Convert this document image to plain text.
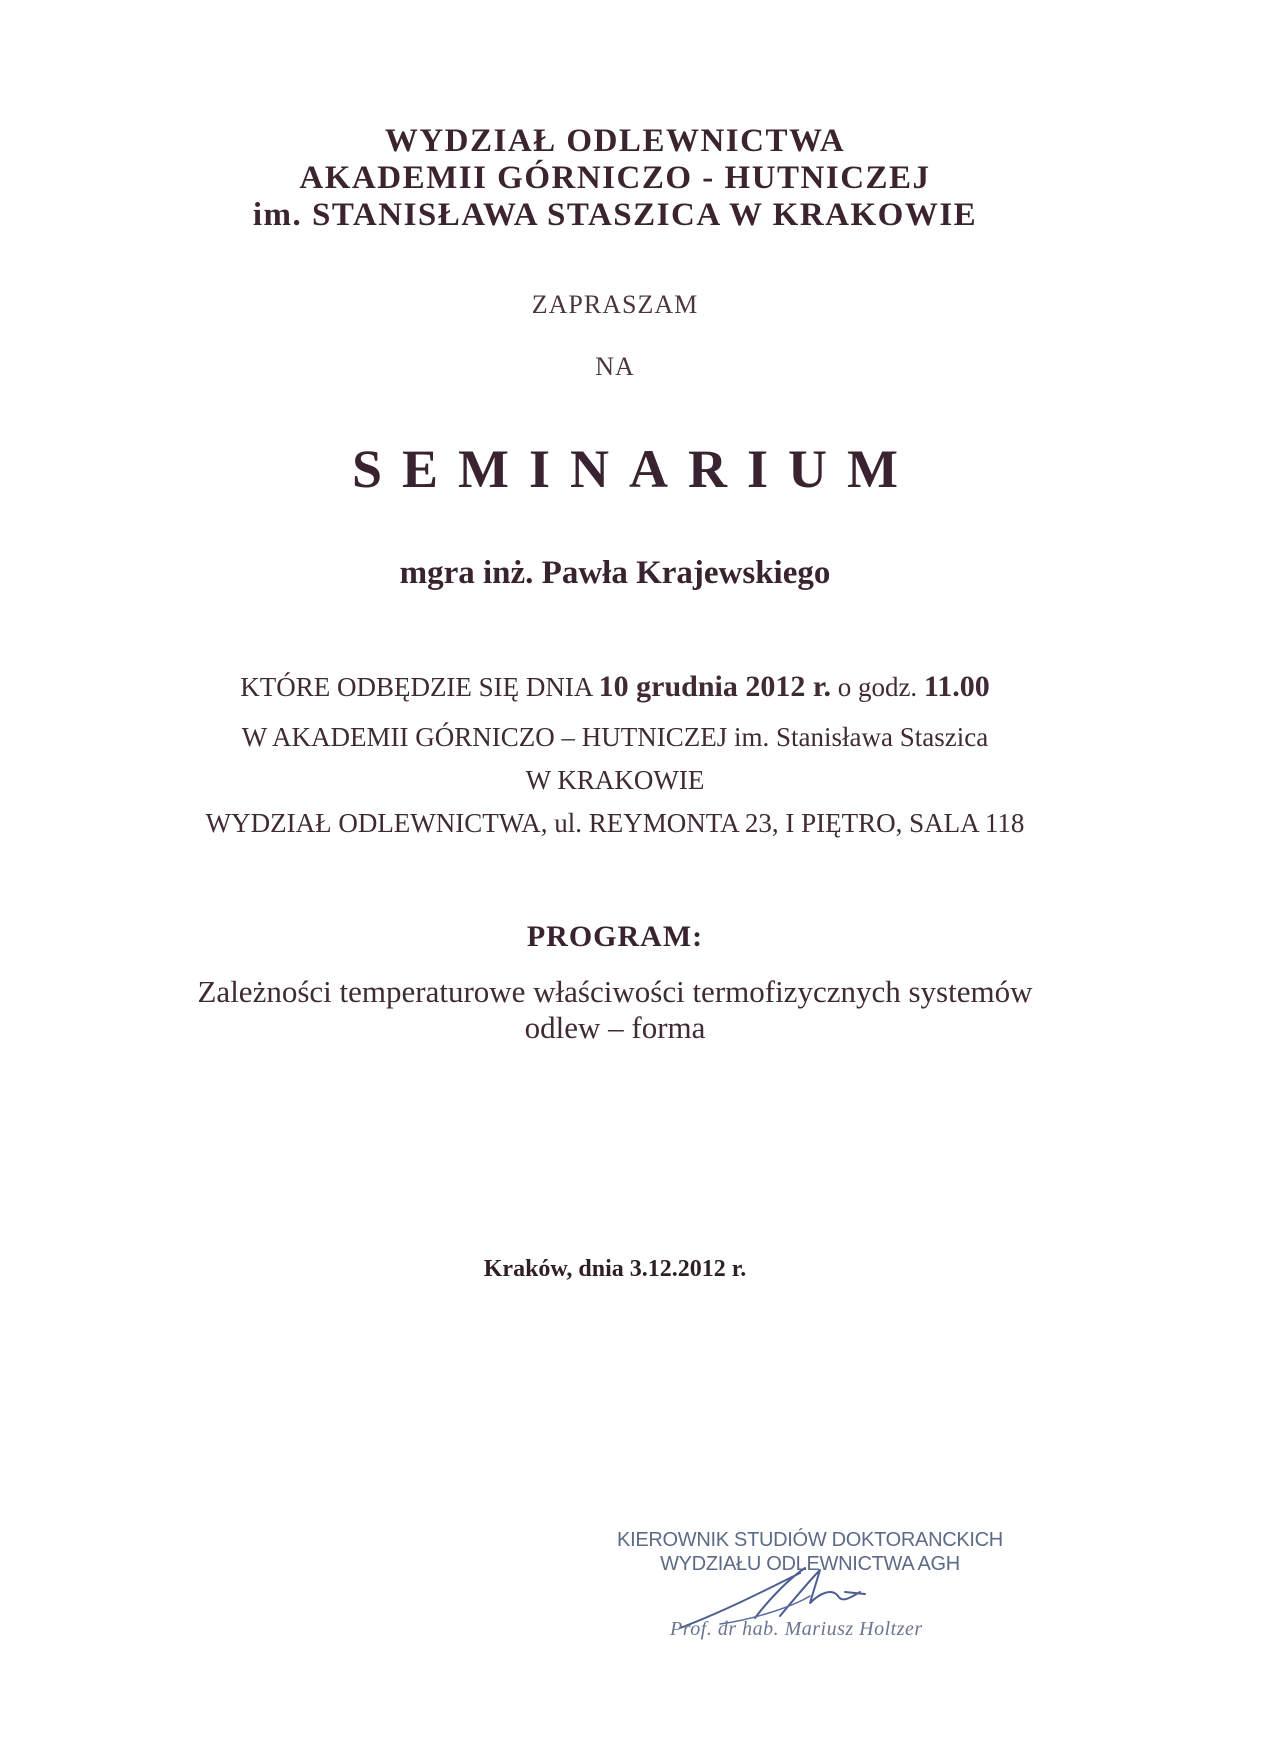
WYDZIAŁ ODLEWNICTWA
AKADEMII GÓRNICZO - HUTNICZEJ
im. STANISŁAWA STASZICA W KRAKOWIE
ZAPRASZAM
NA
SEMINARIUM
mgra inż. Pawła Krajewskiego
KTÓRE ODBĘDZIE SIĘ DNIA 10 grudnia 2012 r. o godz. 11.00
W AKADEMII GÓRNICZO – HUTNICZEJ im. Stanisława Staszica
W KRAKOWIE
WYDZIAŁ ODLEWNICTWA, ul. REYMONTA 23, I PIĘTRO, SALA 118
PROGRAM:
Zależności temperaturowe właściwości termofizycznych systemów
odlew – forma
Kraków, dnia 3.12.2012 r.
KIEROWNIK STUDIÓW DOKTORANCKICH
WYDZIAŁU ODLEWNICTWA AGH
Prof. dr hab. Mariusz Holtzer
